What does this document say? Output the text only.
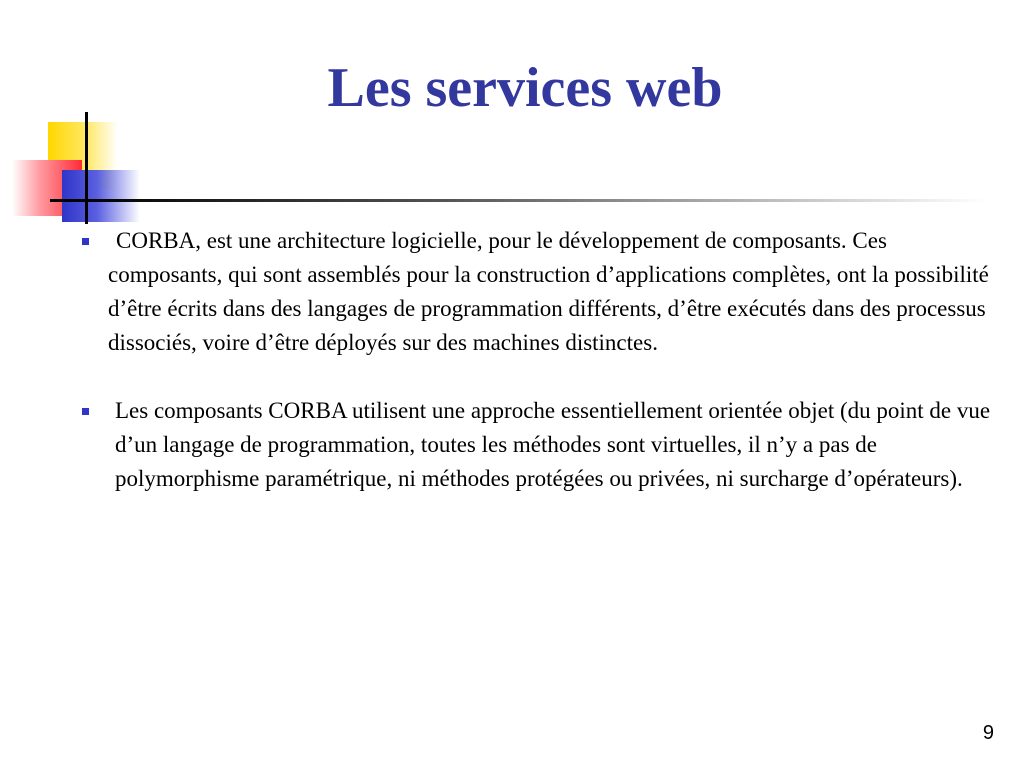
Les services web
CORBA, est une architecture logicielle, pour le développement de composants. Ces composants, qui sont assemblés pour la construction d’applications complètes, ont la possibilité d’être écrits dans des langages de programmation différents, d’être exécutés dans des processus dissociés, voire d’être déployés sur des machines distinctes.
Les composants CORBA utilisent une approche essentiellement orientée objet (du point de vue d’un langage de programmation, toutes les méthodes sont virtuelles, il n’y a pas de polymorphisme paramétrique, ni méthodes protégées ou privées, ni surcharge d’opérateurs).
9
